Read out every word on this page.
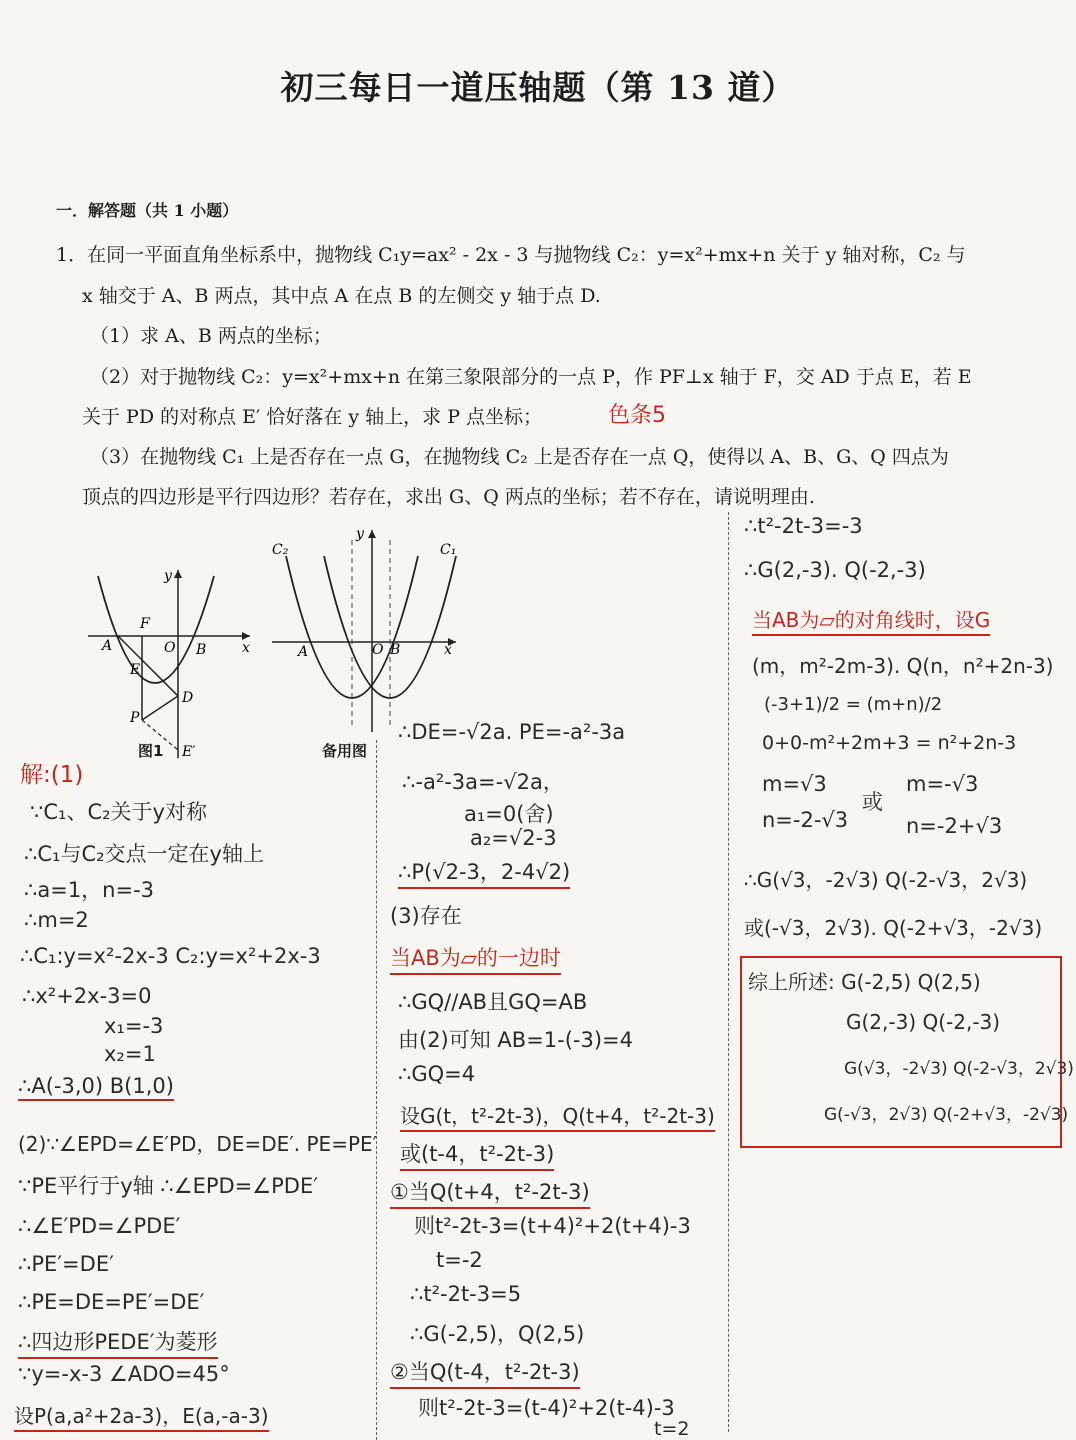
初三每日一道压轴题（第 13 道）
一．解答题（共 1 小题）
1．在同一平面直角坐标系中，抛物线 C₁y=ax² - 2x - 3 与抛物线 C₂：y=x²+mx+n 关于 y 轴对称，C₂ 与
x 轴交于 A、B 两点，其中点 A 在点 B 的左侧交 y 轴于点 D.
（1）求 A、B 两点的坐标；
（2）对于抛物线 C₂：y=x²+mx+n 在第三象限部分的一点 P，作 PF⊥x 轴于 F，交 AD 于点 E，若 E
关于 PD 的对称点 E′ 恰好落在 y 轴上，求 P 点坐标；	色条5
（3）在抛物线 C₁ 上是否存在一点 G，在抛物线 C₂ 上是否存在一点 Q，使得以 A、B、G、Q 四点为
顶点的四边形是平行四边形？若存在，求出 G、Q 两点的坐标；若不存在，请说明理由.
y
x
A
F
O B
E
D
P
E′
图1
C₂	C₁
y
A	O B	x
备用图
解:(1)
∵C₁、C₂关于y对称
∴C₁与C₂交点一定在y轴上
∴a=1，n=-3
∴m=2
∴C₁:y=x²-2x-3 C₂:y=x²+2x-3
∴x²+2x-3=0
x₁=-3
x₂=1
∴A(-3,0) B(1,0)
(2)∵∠EPD=∠E′PD，DE=DE′. PE=PE′
∵PE平行于y轴 ∴∠EPD=∠PDE′
∴∠E′PD=∠PDE′
∴PE′=DE′
∴PE=DE=PE′=DE′
∴四边形PEDE′为菱形
∵y=-x-3 ∠ADO=45°
设P(a,a²+2a-3)，E(a,-a-3)
∴DE=-√2a. PE=-a²-3a
∴-a²-3a=-√2a，
a₁=0(舍)
a₂=√2-3
∴P(√2-3，2-4√2)
(3)存在
当AB为▱的一边时
∴GQ//AB且GQ=AB
由(2)可知 AB=1-(-3)=4
∴GQ=4
设G(t，t²-2t-3)，Q(t+4，t²-2t-3)
或(t-4，t²-2t-3)
①当Q(t+4，t²-2t-3)
则t²-2t-3=(t+4)²+2(t+4)-3
t=-2
∴t²-2t-3=5
∴G(-2,5)，Q(2,5)
②当Q(t-4，t²-2t-3)
则t²-2t-3=(t-4)²+2(t-4)-3
t=2
∴t²-2t-3=-3
∴G(2,-3). Q(-2,-3)
当AB为▱的对角线时，设G
(m，m²-2m-3). Q(n，n²+2n-3)
(-3+1)/2 = (m+n)/2
0+0-m²+2m+3 = n²+2n-3
m=√3
n=-2-√3
或
m=-√3
n=-2+√3
∴G(√3，-2√3) Q(-2-√3，2√3)
或(-√3，2√3). Q(-2+√3，-2√3)
综上所述: G(-2,5) Q(2,5)
G(2,-3) Q(-2,-3)
G(√3，-2√3) Q(-2-√3，2√3)
G(-√3，2√3) Q(-2+√3，-2√3)
